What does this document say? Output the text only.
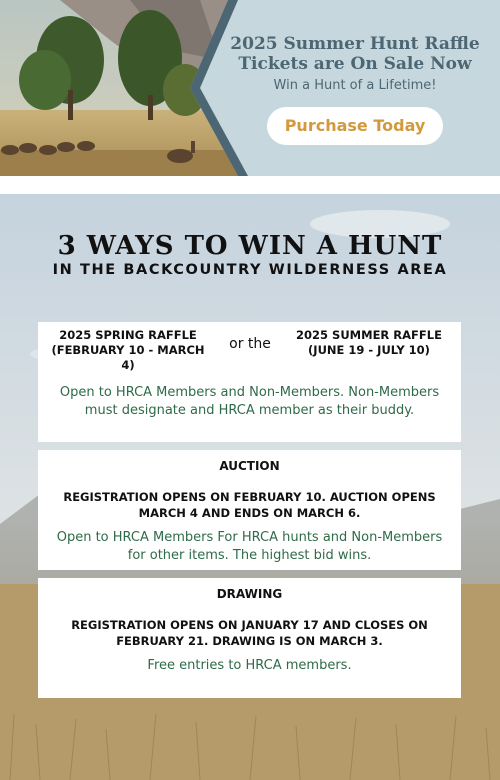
2025 Summer Hunt Raffle Tickets are On Sale Now
Win a Hunt of a Lifetime!
Purchase Today
3 WAYS TO WIN A HUNT
IN THE BACKCOUNTRY WILDERNESS AREA
2025 SPRING RAFFLE (FEBRUARY 10 - MARCH 4)
or the
2025 SUMMER RAFFLE (JUNE 19 - JULY 10)
Open to HRCA Members and Non-Members. Non-Members must designate and HRCA member as their buddy.
AUCTION
REGISTRATION OPENS ON FEBRUARY 10. AUCTION OPENS MARCH 4 AND ENDS ON MARCH 6.
Open to HRCA Members For HRCA hunts and Non-Members for other items. The highest bid wins.
DRAWING
REGISTRATION OPENS ON JANUARY 17 AND CLOSES ON FEBRUARY 21. DRAWING IS ON MARCH 3.
Free entries to HRCA members.
